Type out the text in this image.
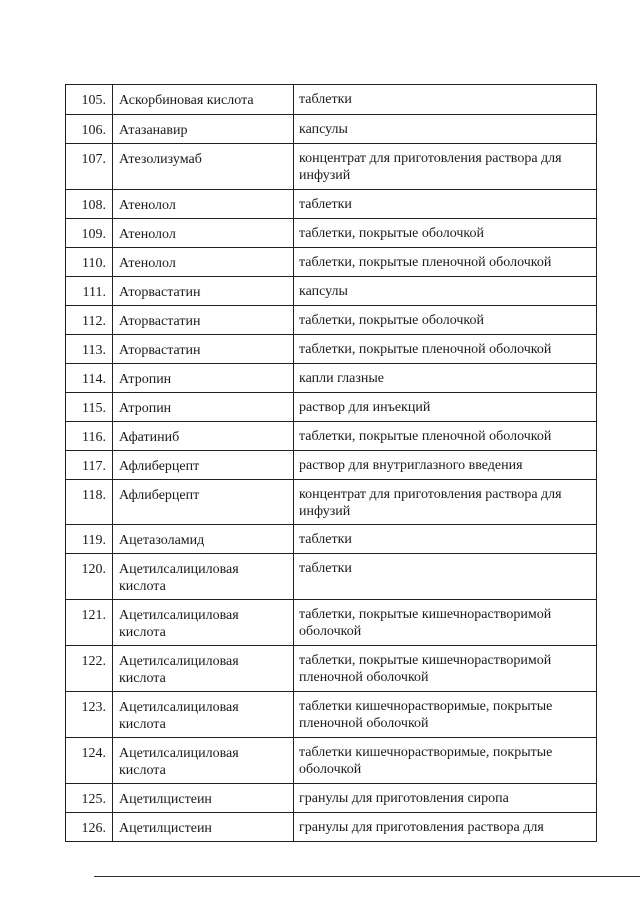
105.	Аскорбиновая кислота	таблетки
106.	Атазанавир	капсулы
107.	Атезолизумаб	концентрат для приготовления раствора для инфузий
108.	Атенолол	таблетки
109.	Атенолол	таблетки, покрытые оболочкой
110.	Атенолол	таблетки, покрытые пленочной оболочкой
111.	Аторвастатин	капсулы
112.	Аторвастатин	таблетки, покрытые оболочкой
113.	Аторвастатин	таблетки, покрытые пленочной оболочкой
114.	Атропин	капли глазные
115.	Атропин	раствор для инъекций
116.	Афатиниб	таблетки, покрытые пленочной оболочкой
117.	Афлиберцепт	раствор для внутриглазного введения
118.	Афлиберцепт	концентрат для приготовления раствора для инфузий
119.	Ацетазоламид	таблетки
120.	Ацетилсалициловая кислота	таблетки
121.	Ацетилсалициловая кислота	таблетки, покрытые кишечнорастворимой оболочкой
122.	Ацетилсалициловая кислота	таблетки, покрытые кишечнорастворимой пленочной оболочкой
123.	Ацетилсалициловая кислота	таблетки кишечнорастворимые, покрытые пленочной оболочкой
124.	Ацетилсалициловая кислота	таблетки кишечнорастворимые, покрытые оболочкой
125.	Ацетилцистеин	гранулы для приготовления сиропа
126.	Ацетилцистеин	гранулы для приготовления раствора для
